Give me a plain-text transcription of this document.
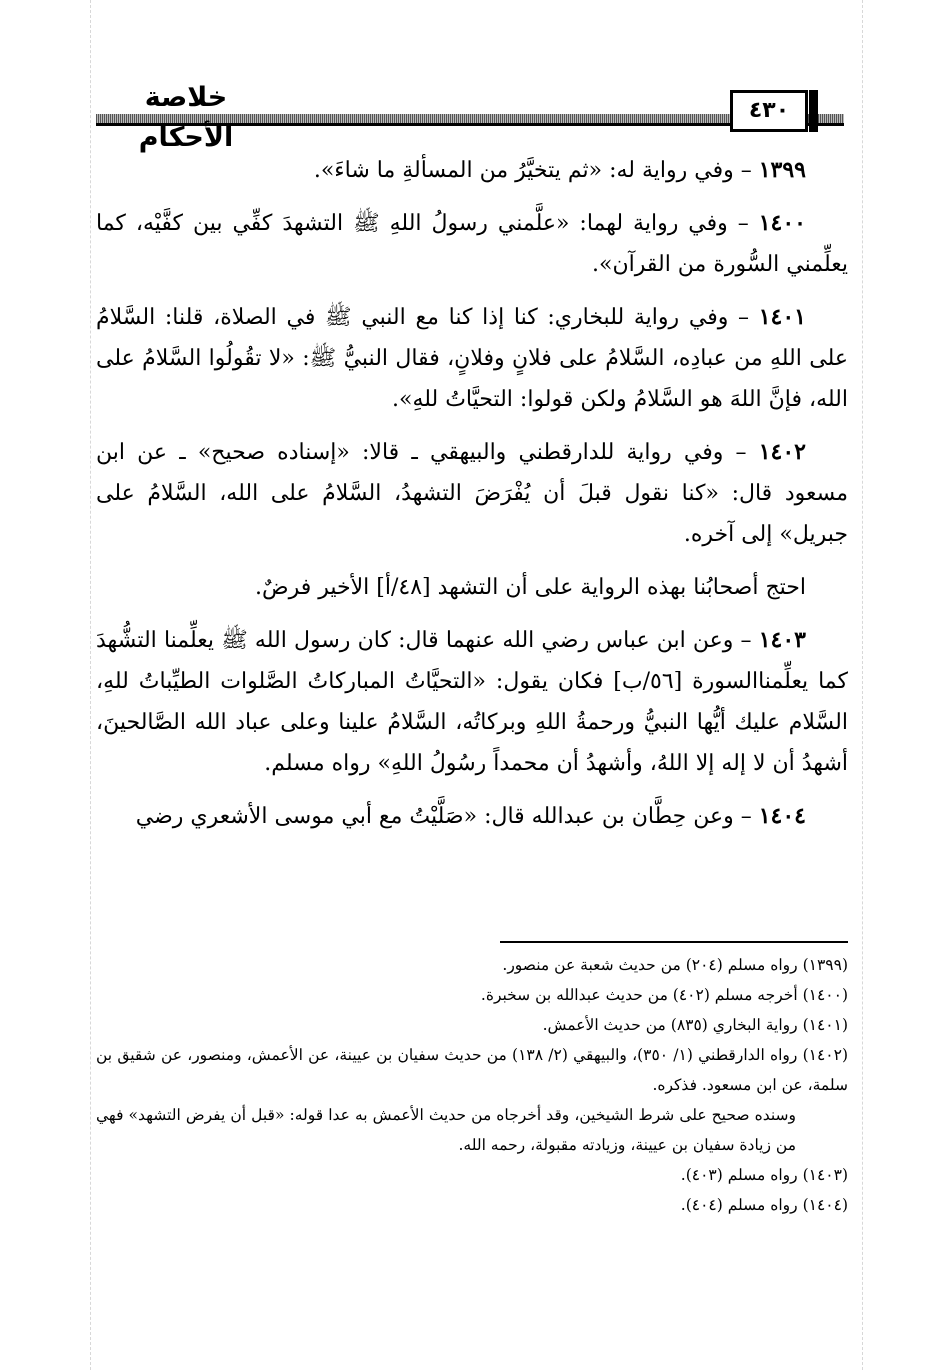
خلاصة الأحكام
٤٣٠

١٣٩٩ – وفي رواية له: «ثم يتخيَّرُ من المسألةِ ما شاءَ».

١٤٠٠ – وفي رواية لهما: «علَّمني رسولُ اللهِ ﷺ التشهدَ كفِّي بين كفَّيْه، كما يعلِّمني السُّورة من القرآن».

١٤٠١ – وفي رواية للبخاري: كنا إذا كنا مع النبي ﷺ في الصلاة، قلنا: السَّلامُ على اللهِ من عبادِه، السَّلامُ على فلانٍ وفلانٍ، فقال النبيُّ ﷺ: «لا تقُولُوا السَّلامُ على الله، فإنَّ اللهَ هو السَّلامُ ولكن قولوا: التحيَّاتُ للهِ».

١٤٠٢ – وفي رواية للدارقطني والبيهقي ـ قالا: «إسناده صحيح» ـ عن ابن مسعود قال: «كنا نقول قبلَ أن يُفْرَضَ التشهدُ، السَّلامُ على الله، السَّلامُ على جبريل» إلى آخره.

احتج أصحابُنا بهذه الرواية على أن التشهد [٤٨/أ] الأخير فرضٌ.

١٤٠٣ – وعن ابن عباس رضي الله عنهما قال: كان رسول الله ﷺ يعلِّمنا التشُّهدَ كما يعلِّمناالسورة [٥٦/ب] فكان يقول: «التحيَّاتُ المباركاتُ الصَّلوات الطيِّباتُ للهِ، السَّلام عليك أيُّها النبيُّ ورحمةُ اللهِ وبركاتُه، السَّلامُ علينا وعلى عباد الله الصَّالحينَ، أشهدُ أن لا إله إلا اللهُ، وأشهدُ أن محمداً رسُولُ اللهِ» رواه مسلم.

١٤٠٤ – وعن حِطَّان بن عبدالله قال: «صَلَّيْتُ مع أبي موسى الأشعري رضي

(١٣٩٩) رواه مسلم (٢٠٤) من حديث شعبة عن منصور.

(١٤٠٠) أخرجه مسلم (٤٠٢) من حديث عبدالله بن سخبرة.

(١٤٠١) رواية البخاري (٨٣٥) من حديث الأعمش.

(١٤٠٢) رواه الدارقطني (١/ ٣٥٠)، والبيهقي (٢/ ١٣٨) من حديث سفيان بن عيينة، عن الأعمش، ومنصور، عن شقيق بن سلمة، عن ابن مسعود. فذكره.

وسنده صحيح على شرط الشيخين، وقد أخرجاه من حديث الأعمش به عدا قوله: «قبل أن يفرض التشهد» فهي من زيادة سفيان بن عيينة، وزيادته مقبولة، رحمه الله.

(١٤٠٣) رواه مسلم (٤٠٣).

(١٤٠٤) رواه مسلم (٤٠٤).
